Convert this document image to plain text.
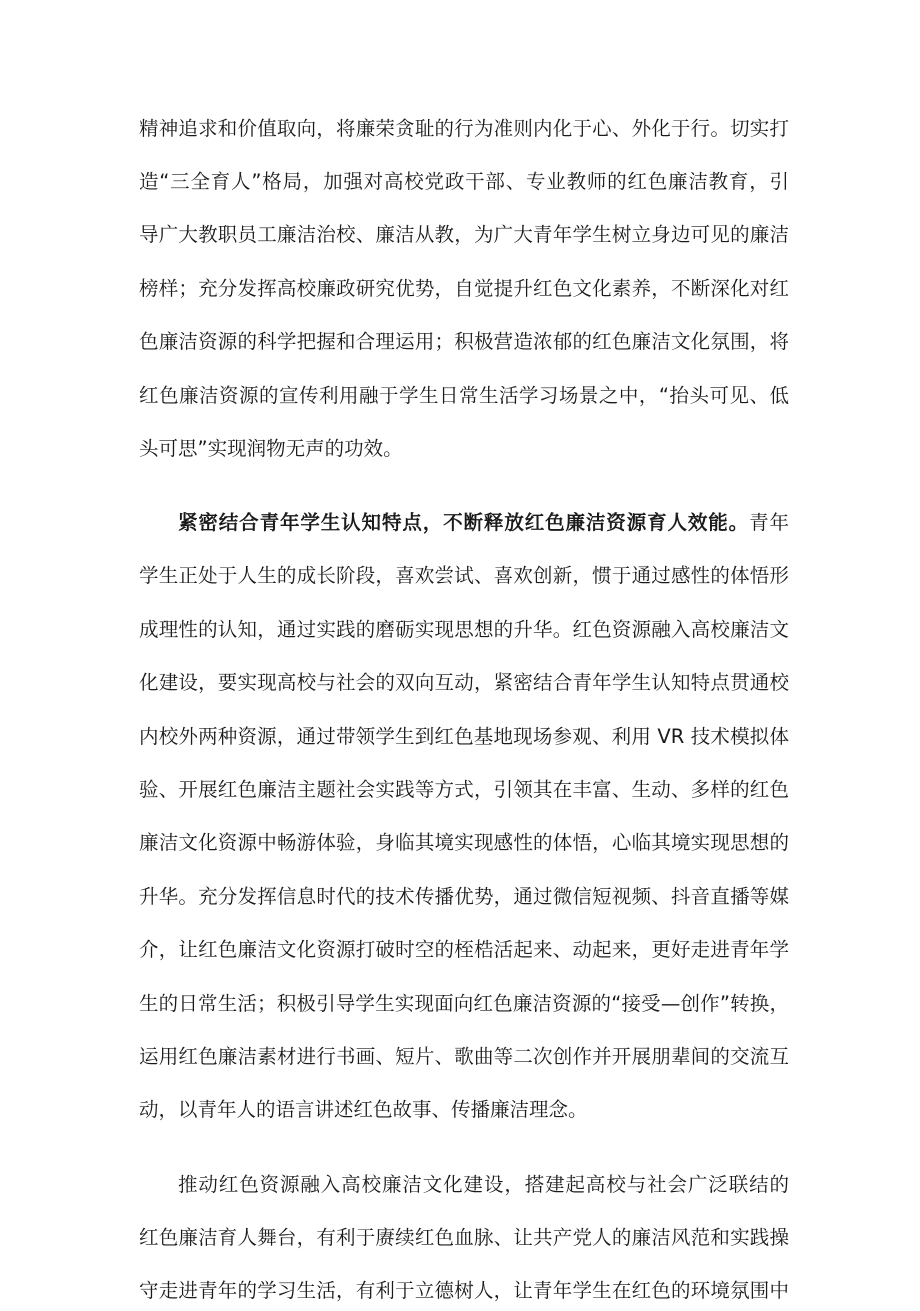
精神追求和价值取向，将廉荣贪耻的行为准则内化于心、外化于行。切实打
造“三全育人”格局，加强对高校党政干部、专业教师的红色廉洁教育，引
导广大教职员工廉洁治校、廉洁从教，为广大青年学生树立身边可见的廉洁
榜样；充分发挥高校廉政研究优势，自觉提升红色文化素养，不断深化对红
色廉洁资源的科学把握和合理运用；积极营造浓郁的红色廉洁文化氛围，将
红色廉洁资源的宣传利用融于学生日常生活学习场景之中，“抬头可见、低
头可思”实现润物无声的功效。
紧密结合青年学生认知特点，不断释放红色廉洁资源育人效能。青年
学生正处于人生的成长阶段，喜欢尝试、喜欢创新，惯于通过感性的体悟形
成理性的认知，通过实践的磨砺实现思想的升华。红色资源融入高校廉洁文
化建设，要实现高校与社会的双向互动，紧密结合青年学生认知特点贯通校
内校外两种资源，通过带领学生到红色基地现场参观、利用 VR 技术模拟体
验、开展红色廉洁主题社会实践等方式，引领其在丰富、生动、多样的红色
廉洁文化资源中畅游体验，身临其境实现感性的体悟，心临其境实现思想的
升华。充分发挥信息时代的技术传播优势，通过微信短视频、抖音直播等媒
介，让红色廉洁文化资源打破时空的桎梏活起来、动起来，更好走进青年学
生的日常生活；积极引导学生实现面向红色廉洁资源的“接受—创作”转换，
运用红色廉洁素材进行书画、短片、歌曲等二次创作并开展朋辈间的交流互
动，以青年人的语言讲述红色故事、传播廉洁理念。
推动红色资源融入高校廉洁文化建设，搭建起高校与社会广泛联结的
红色廉洁育人舞台，有利于赓续红色血脉、让共产党人的廉洁风范和实践操
守走进青年的学习生活，有利于立德树人，让青年学生在红色的环境氛围中
